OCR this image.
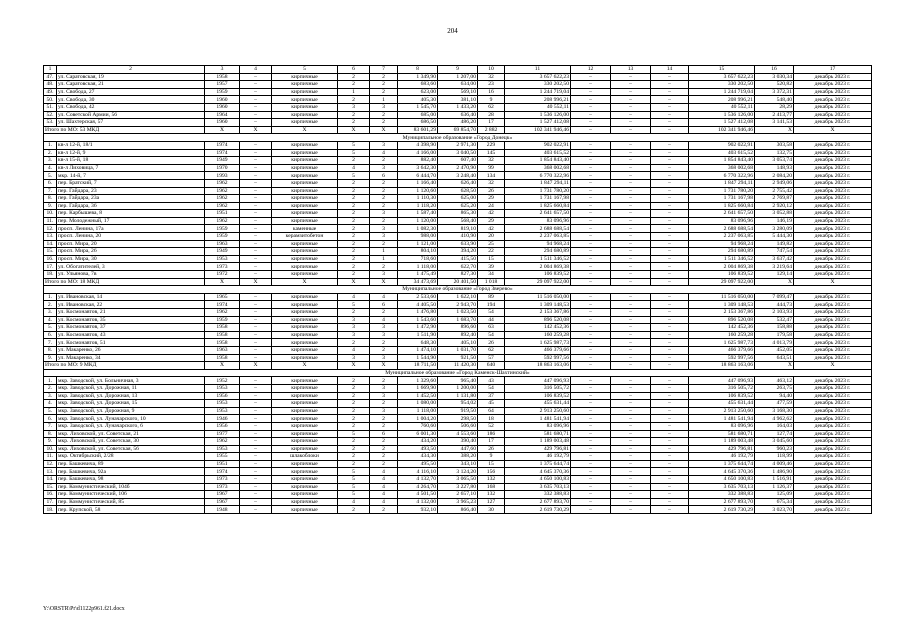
204
1	2	3	4	5	6	7	8	9	10	11	12	13	14	15	16	17
47.	ул. Саратовская, 19	1958	–	кирпичные	2	2	1 349,90	1 207,00	32	3 657 622,23	–	–	–	3 657 622,23	3 030,34	декабрь 2023 г.
48.	ул. Саратовская, 21	1957	–	кирпичные	2	2	683,60	634,00	23	330 202,50	–	–	–	330 202,50	520,82	декабрь 2023 г.
49.	ул. Свобода, 27	1959	–	кирпичные	1	2	623,00	569,10	16	1 244 719,04	–	–	–	1 244 719,04	3 372,31	декабрь 2023 г.
50.	ул. Свобода, 30	1960	–	кирпичные	2	1	405,30	381,10	9	208 996,21	–	–	–	208 996,21	548,40	декабрь 2023 г.
51.	ул. Свобода, 42	1960	–	кирпичные	3	3	1 545,70	1 433,20	62	40 552,11	–	–	–	40 552,11	28,29	декабрь 2023 г.
52.	ул. Советской Армии, 56	1964	–	кирпичные	2	2	685,00	636,40	28	1 536 126,00	–	–	–	1 536 126,00	2 413,77	декабрь 2023 г.
53.	ул. Шахтерская, 57	1960	–	кирпичные	2	2	686,50	486,20	17	1 527 412,08	–	–	–	1 527 412,08	3 141,53	декабрь 2023 г.
Итого по МО: 53 МКД		Х	Х	Х	Х	Х	83 601,29	69 854,70	2 882	102 341 946,46	–	–	–	102 341 946,46	Х	Х
Муниципальное образование «Город Донецк»																
1.	кв-л 12-й, 18/1	1974	–	кирпичные	5	3	4 398,90	2 971,30	229	902 022,91	–	–	–	902 022,91	303,58	декабрь 2023 г.
2.	кв-л 12-й, 9	1974	–	кирпичные	5	4	4 166,00	3 040,50	145	403 615,52	–	–	–	403 615,52	132,75	декабрь 2023 г.
3.	кв-л 15-й, 18	1949	–	кирпичные	2	2	882,40	607,40	32	1 854 843,40	–	–	–	1 854 843,40	3 053,74	декабрь 2023 г.
4.	кв-л Лиховица, 7	1970	–	кирпичные	4	3	3 642,30	2 470,90	99	368 002,68	–	–	–	368 002,68	148,93	декабрь 2023 г.
5.	мкр. 14-й, 7	1993	–	кирпичные	5	6	6 444,70	3 248,40	134	6 770 322,96	–	–	–	6 770 322,96	2 084,20	декабрь 2023 г.
6.	пер. Братский, 7	1962	–	кирпичные	2	2	1 166,40	626,40	32	1 847 294,11	–	–	–	1 847 294,11	2 949,06	декабрь 2023 г.
7.	пер. Гайдара, 23	1962	–	кирпичные	2	2	1 120,60	628,50	26	1 731 780,20	–	–	–	1 731 780,20	2 755,42	декабрь 2023 г.
8.	пер. Гайдара, 23а	1962	–	кирпичные	2	2	1 110,30	625,00	29	1 731 167,98	–	–	–	1 731 167,98	2 769,87	декабрь 2023 г.
9.	пер. Гайдара, 36	1962	–	кирпичные	2	2	1 118,20	625,20	24	1 825 660,84	–	–	–	1 825 660,84	2 920,12	декабрь 2023 г.
10.	пер. Карбышева, 8	1951	–	кирпичные	2	3	1 587,40	865,30	42	2 641 657,50	–	–	–	2 641 657,50	3 052,88	декабрь 2023 г.
11.	пер. Молодежный, 17	1962	–	кирпичные	2	2	1 120,00	568,40	29	83 096,96	–	–	–	83 096,96	146,19	декабрь 2023 г.
12.	просп. Ленина, 17а	1959	–	каменные	2	3	1 082,30	819,10	42	2 688 688,54	–	–	–	2 688 688,54	3 280,09	декабрь 2023 г.
13.	просп. Ленина, 20	1959	–	керамзитобетон	2	3	988,00	410,90	20	2 237 063,85	–	–	–	2 237 063,85	5 444,30	декабрь 2023 г.
14.	просп. Мира, 20	1963	–	кирпичные	2	2	1 121,00	633,90	25	94 968,24	–	–	–	94 968,24	149,82	декабрь 2023 г.
15.	просп. Мира, 26	1949	–	кирпичные	2	1	804,10	394,20	22	294 680,89	–	–	–	294 680,89	747,54	декабрь 2023 г.
16.	просп. Мира, 30	1953	–	кирпичные	2	1	718,60	415,50	15	1 511 346,52	–	–	–	1 511 346,52	3 637,42	декабрь 2023 г.
17.	ул. Обогатителей, 3	1973	–	кирпичные	2	2	1 118,00	622,70	39	2 004 869,38	–	–	–	2 004 869,38	3 219,64	декабрь 2023 г.
18.	ул. Ульянова, 7в	1972	–	кирпичные	2	3	1 475,49	827,30	34	106 839,52	–	–	–	106 839,52	129,14	декабрь 2023 г.
Итого по МО: 18 МКД		Х	Х	Х	Х	Х	34 473,69	20 401,50	1 018	29 097 922,00	–	–	–	29 097 922,00	Х	Х
Муниципальное образование «Город Зверево»																
1.	ул. Ивановская, 14	1965	–	кирпичные	4	4	2 533,60	1 622,10	89	11 516 050,00	–	–	–	11 516 050,00	7 099,47	декабрь 2023 г.
2.	ул. Ивановская, 22	1974	–	кирпичные	5	6	4 405,50	2 943,70	194	1 309 148,53	–	–	–	1 309 148,53	444,73	декабрь 2023 г.
3.	ул. Космонавтов, 21	1962	–	кирпичные	2	2	1 476,80	1 023,50	54	2 153 367,86	–	–	–	2 153 367,86	2 103,93	декабрь 2023 г.
4.	ул. Космонавтов, 35	1959	–	кирпичные	3	4	1 543,60	1 683,70	44	896 520,08	–	–	–	896 520,08	532,47	декабрь 2023 г.
5.	ул. Космонавтов, 37	1958	–	кирпичные	3	3	1 472,90	896,60	63	142 452,36	–	–	–	142 452,36	158,88	декабрь 2023 г.
6.	ул. Космонавтов, 43	1958	–	кирпичные	3	3	1 511,90	892,40	54	160 259,28	–	–	–	160 259,28	179,58	декабрь 2023 г.
7.	ул. Космонавтов, 51	1958	–	кирпичные	2	2	648,30	405,10	26	1 625 987,73	–	–	–	1 625 987,73	4 013,79	декабрь 2023 г.
8.	ул. Макаренко, 26	1963	–	кирпичные	4	2	1 474,10	1 031,70	62	466 379,66	–	–	–	466 379,66	452,05	декабрь 2023 г.
9.	ул. Макаренко, 34	1958	–	кирпичные	3	3	1 544,90	921,50	57	592 997,56	–	–	–	592 997,56	643,51	декабрь 2023 г.
Итого по МО: 9 МКД		Х	Х	Х	Х	Х	18 711,50	11 420,30	640	18 863 163,06	–	–	–	18 863 163,06	Х	Х
Муниципальное образование «Город Каменск-Шахтинский»																
1.	мкр. Заводской, ул. Больничная, 3	1952	–	кирпичные	2	2	1 329,60	965,40	43	447 096,93	–	–	–	447 096,93	463,12	декабрь 2023 г.
2.	мкр. Заводской, ул. Дорожная, 11	1953	–	кирпичные	2	3	1 669,90	1 200,00	54	316 505,72	–	–	–	316 505,72	263,75	декабрь 2023 г.
3.	мкр. Заводской, ул. Дорожная, 13	1956	–	кирпичные	2	3	1 452,50	1 131,80	37	106 839,52	–	–	–	106 839,52	94,40	декабрь 2023 г.
4.	мкр. Заводской, ул. Дорожная, 15	1953	–	кирпичные	2	2	1 080,00	954,02	45	455 631,44	–	–	–	455 631,44	477,59	декабрь 2023 г.
5.	мкр. Заводской, ул. Дорожная, 9	1953	–	кирпичные	2	3	1 118,00	919,50	64	2 913 250,60	–	–	–	2 913 250,60	3 168,30	декабрь 2023 г.
6.	мкр. Заводской, ул. Луначарского, 10	1946	–	кирпичные	2	2	1 004,20	298,50	18	1 481 541,94	–	–	–	1 481 541,94	4 962,62	декабрь 2023 г.
7.	мкр. Заводской, ул. Луначарского, 6	1956	–	кирпичные	2	2	760,60	506,60	52	83 096,96	–	–	–	83 096,96	164,03	декабрь 2023 г.
8.	мкр. Лиховской, ул. Советская, 21	1977	–	кирпичные	5	6	6 001,30	4 553,60	186	581 680,71	–	–	–	581 680,71	127,74	декабрь 2023 г.
9.	мкр. Лиховской, ул. Советская, 30	1962	–	кирпичные	2	2	434,20	390,40	17	1 189 003,48	–	–	–	1 189 003,48	3 045,60	декабрь 2023 г.
10.	мкр. Лиховской, ул. Советская, 56	1953	–	кирпичные	2	2	493,50	447,60	26	429 796,81	–	–	–	429 796,81	960,23	декабрь 2023 г.
11.	мкр. Октябрьский, 2/28	1955	–	шлакоблоки	2	2	434,30	388,20	9	46 192,79	–	–	–	46 192,79	118,99	декабрь 2023 г.
12.	пер. Башкевича, 89	1951	–	кирпичные	2	2	495,50	343,10	15	1 375 644,74	–	–	–	1 375 644,74	4 009,46	декабрь 2023 г.
13.	пер. Башкевича, 92а	1974	–	кирпичные	5	4	4 116,10	3 124,20	156	4 645 370,36	–	–	–	4 645 370,36	1 486,90	декабрь 2023 г.
14.	пер. Башкевича, 98	1973	–	кирпичные	5	4	4 132,70	3 065,50	132	4 650 100,83	–	–	–	4 650 100,83	1 516,91	декабрь 2023 г.
15.	пер. Коммунистический, 104б	1973	–	кирпичные	5	4	4 264,70	3 227,80	168	3 635 703,13	–	–	–	3 635 703,13	1 126,37	декабрь 2023 г.
16.	пер. Коммунистический, 106	1967	–	кирпичные	5	4	4 501,50	2 657,10	132	332 388,83	–	–	–	332 388,83	125,09	декабрь 2023 г.
17.	пер. Коммунистический, 85	1967	–	кирпичные	4	4	4 132,00	3 965,23	127	2 677 893,70	–	–	–	2 677 893,70	675,34	декабрь 2023 г.
18.	пер. Крупской, 58	1948	–	кирпичные	2	2	932,10	866,40	30	2 619 730,29	–	–	–	2 619 730,29	3 023,70	декабрь 2023 г.
Y:\ORSTR\Pr\d1122p961.f21.docx
